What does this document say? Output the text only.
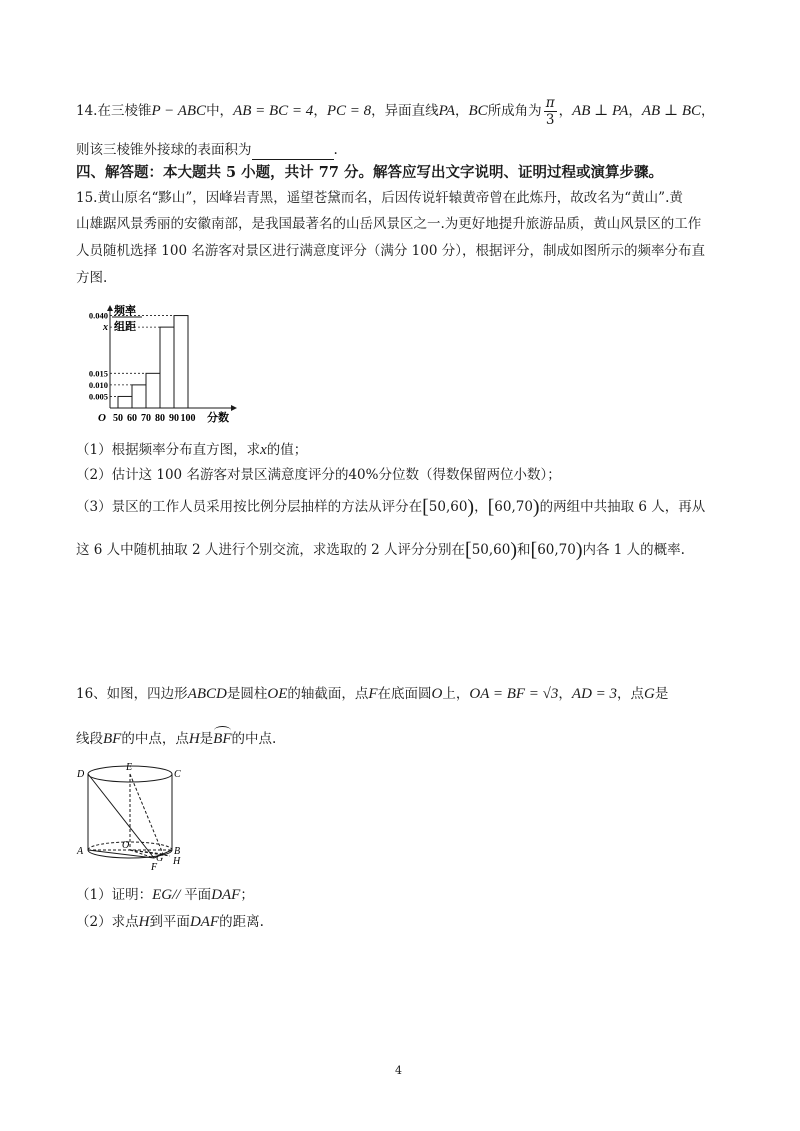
14.在三棱锥P − ABC中，AB = BC = 4，PC = 8，异面直线PA，BC所成角为 $\frac{\pi}{3}$ ，AB ⊥ PA，AB ⊥ BC，
则该三棱锥外接球的表面积为	.
四、解答题：本大题共 5 小题，共计 77 分。解答应写出文字说明、证明过程或演算步骤。
15.黄山原名“黟山”，因峰岩青黑，遥望苍黛而名，后因传说轩辕黄帝曾在此炼丹，故改名为“黄山”.黄
山雄踞风景秀丽的安徽南部，是我国最著名的山岳风景区之一.为更好地提升旅游品质，黄山风景区的工作
人员随机选择 100 名游客对景区进行满意度评分（满分 100 分），根据评分，制成如图所示的频率分布直
方图.
频率
组距
O	分数
0.040
x
0.015
0.010
0.005
50 60 70 80 90 100
（1）根据频率分布直方图，求x的值；
（2）估计这 100 名游客对景区满意度评分的40%分位数（得数保留两位小数）；
（3）景区的工作人员采用按比例分层抽样的方法从评分在[50,60)，[60,70)的两组中共抽取 6 人，再从
这 6 人中随机抽取 2 人进行个别交流，求选取的 2 人评分分别在[50,60)和[60,70)内各 1 人的概率.
16、如图，四边形ABCD是圆柱OE的轴截面，点F在底面圆O上，OA = BF = √3，AD = 3，点G是
线段BF的中点，点H是BF的中点.
D
E
C
A
O
G
B
H
F
（1）证明：EG// 平面DAF；
（2）求点H到平面DAF的距离.
4
